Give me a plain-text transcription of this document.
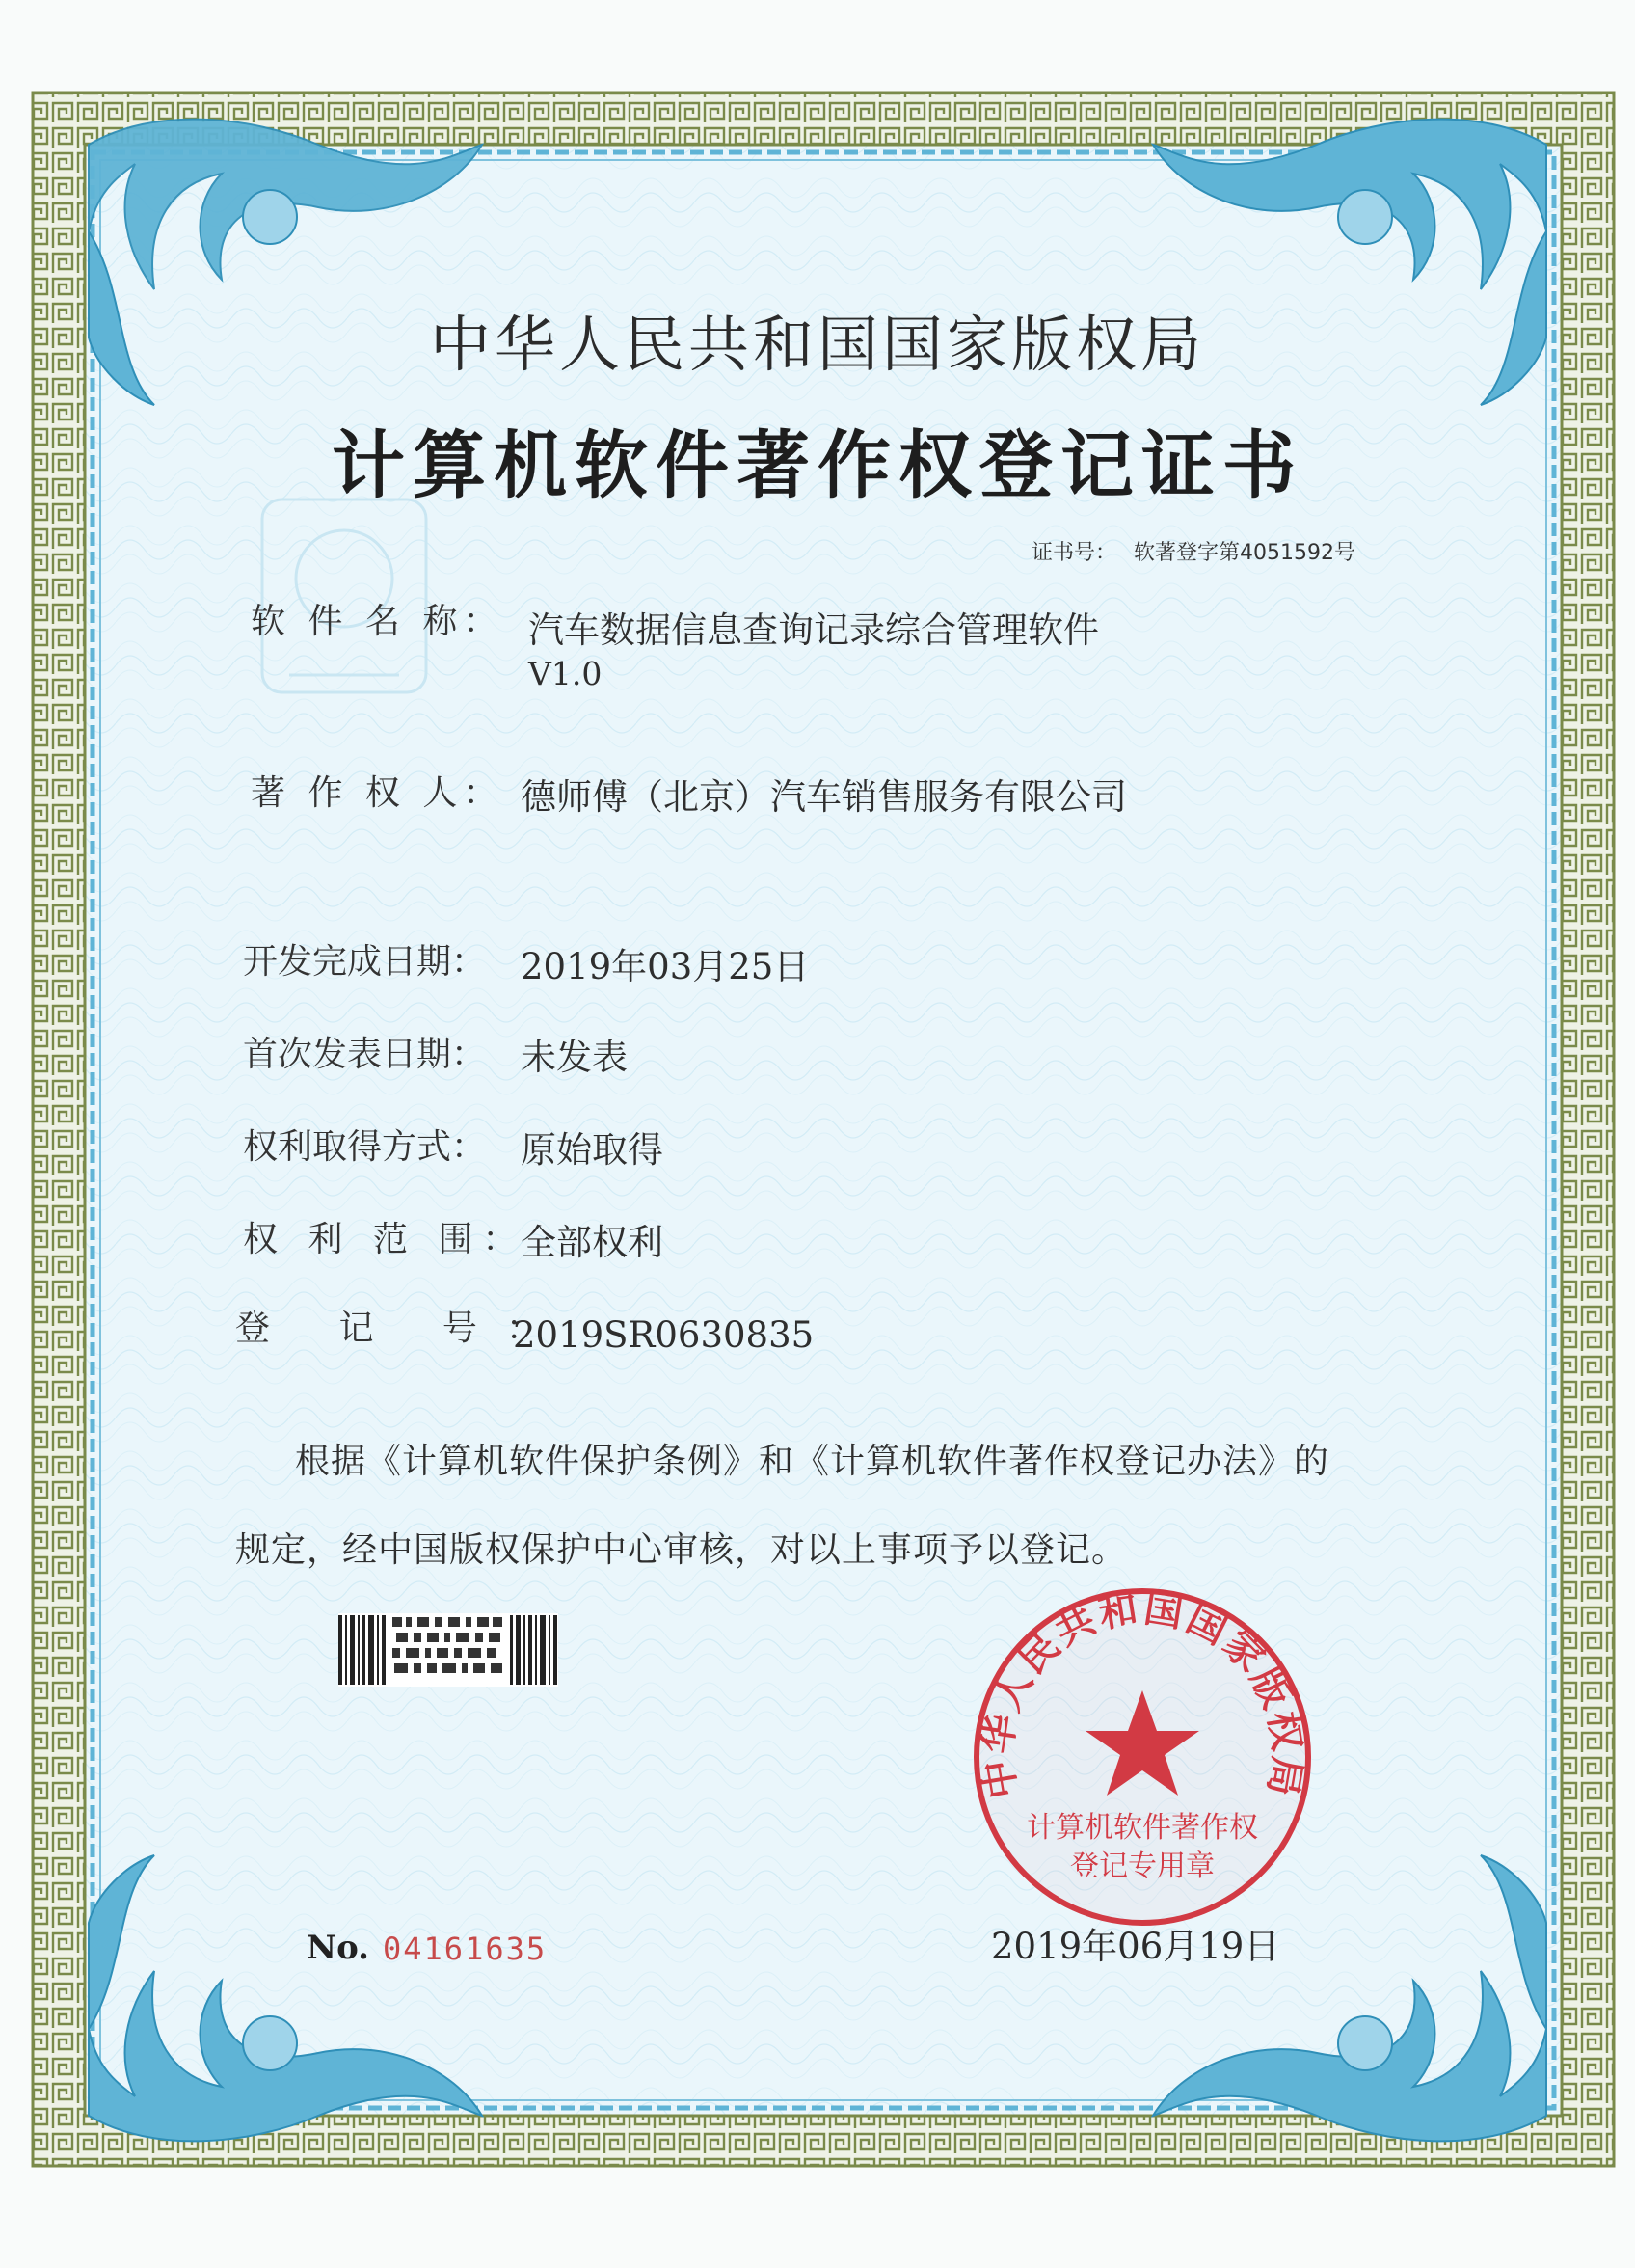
中华人民共和国国家版权局
计算机软件著作权登记证书
证书号： 软著登字第4051592号
软 件 名 称： 汽车数据信息查询记录综合管理软件
V1.0
著 作 权 人： 德师傅（北京）汽车销售服务有限公司
开发完成日期： 2019年03月25日
首次发表日期： 未发表
权利取得方式： 原始取得
权 利 范 围：
全部权利
登 记 号：
2019SR0630835
根据《计算机软件保护条例》和《计算机软件著作权登记办法》的
规定，经中国版权保护中心审核，对以上事项予以登记。
No. 04161635	2019年06月19日
中华人民共和国国家版权局
计算机软件著作权
登记专用章
